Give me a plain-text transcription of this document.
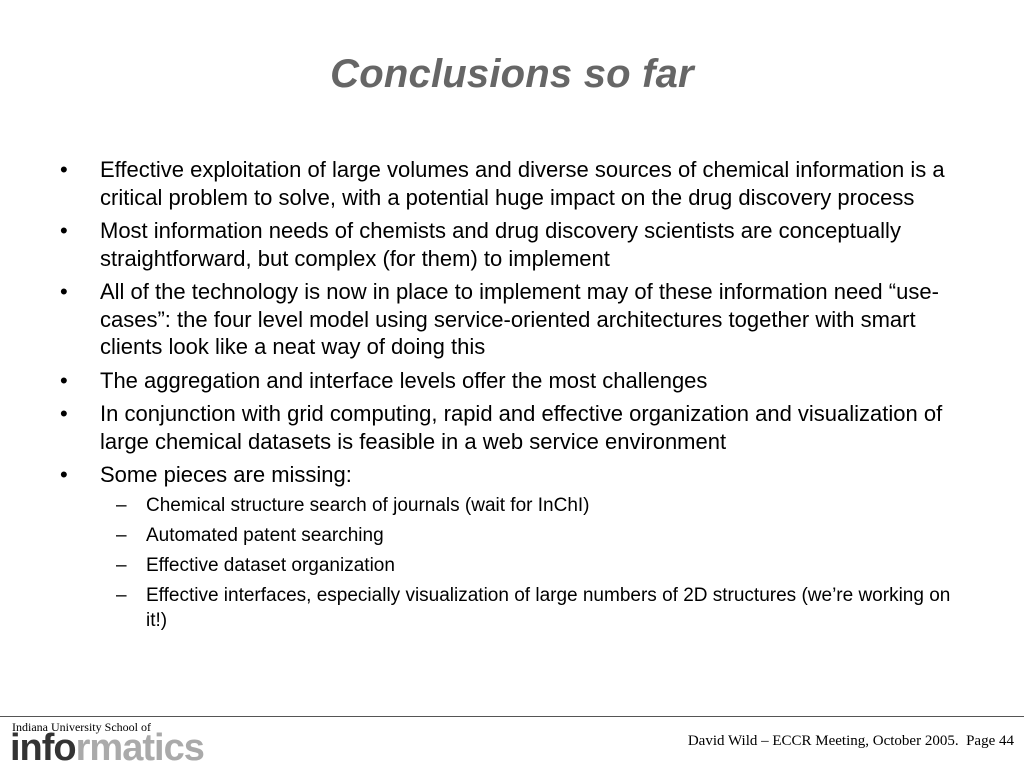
Conclusions so far
•	Effective exploitation of large volumes and diverse sources of chemical information is a critical problem to solve, with a potential huge impact on the drug discovery process
•	Most information needs of chemists and drug discovery scientists are conceptually straightforward, but complex (for them) to implement
•	All of the technology is now in place to implement may of these information need “use-cases”: the four level model using service-oriented architectures together with smart clients look like a neat way of doing this
•	The aggregation and interface levels offer the most challenges
•	In conjunction with grid computing, rapid and effective organization and visualization of large chemical datasets is feasible in a web service environment
•	Some pieces are missing:
– Chemical structure search of journals (wait for InChI)
– Automated patent searching
– Effective dataset organization
– Effective interfaces, especially visualization of large numbers of 2D structures (we’re working on it!)
Indiana University School of
informatics	David Wild – ECCR Meeting, October 2005.  Page 44
